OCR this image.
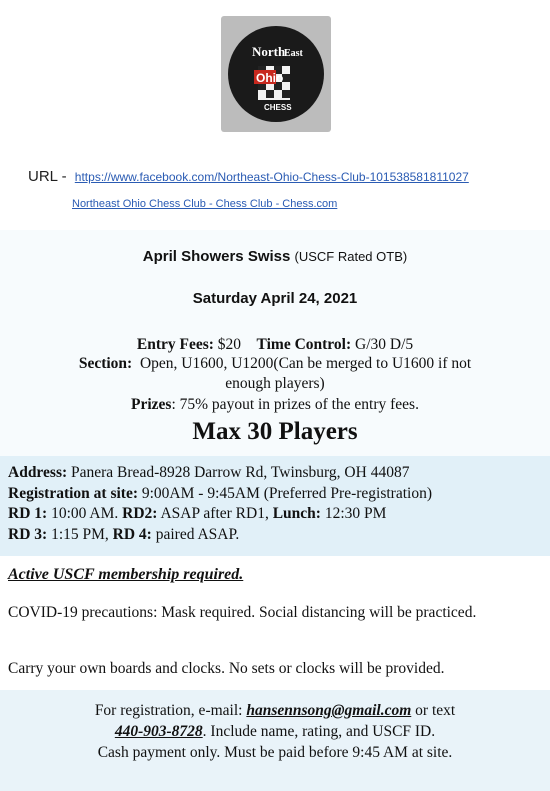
North
East
Ohio
CHESS
URL - https://www.facebook.com/Northeast-Ohio-Chess-Club-101538581811027
Northeast Ohio Chess Club - Chess Club - Chess.com
April Showers Swiss (USCF Rated OTB)
Saturday April 24, 2021
Entry Fees: $20 Time Control: G/30 D/5
Section: Open, U1600, U1200(Can be merged to U1600 if not
enough players)
Prizes: 75% payout in prizes of the entry fees.
Max 30 Players
Address: Panera Bread-8928 Darrow Rd, Twinsburg, OH 44087
Registration at site: 9:00AM - 9:45AM (Preferred Pre-registration)
RD 1: 10:00 AM. RD2: ASAP after RD1, Lunch: 12:30 PM
RD 3: 1:15 PM, RD 4: paired ASAP.
Active USCF membership required.
COVID-19 precautions: Mask required. Social distancing will be practiced.
Carry your own boards and clocks. No sets or clocks will be provided.
For registration, e-mail: hansennsong@gmail.com or text
440-903-8728. Include name, rating, and USCF ID.
Cash payment only. Must be paid before 9:45 AM at site.
